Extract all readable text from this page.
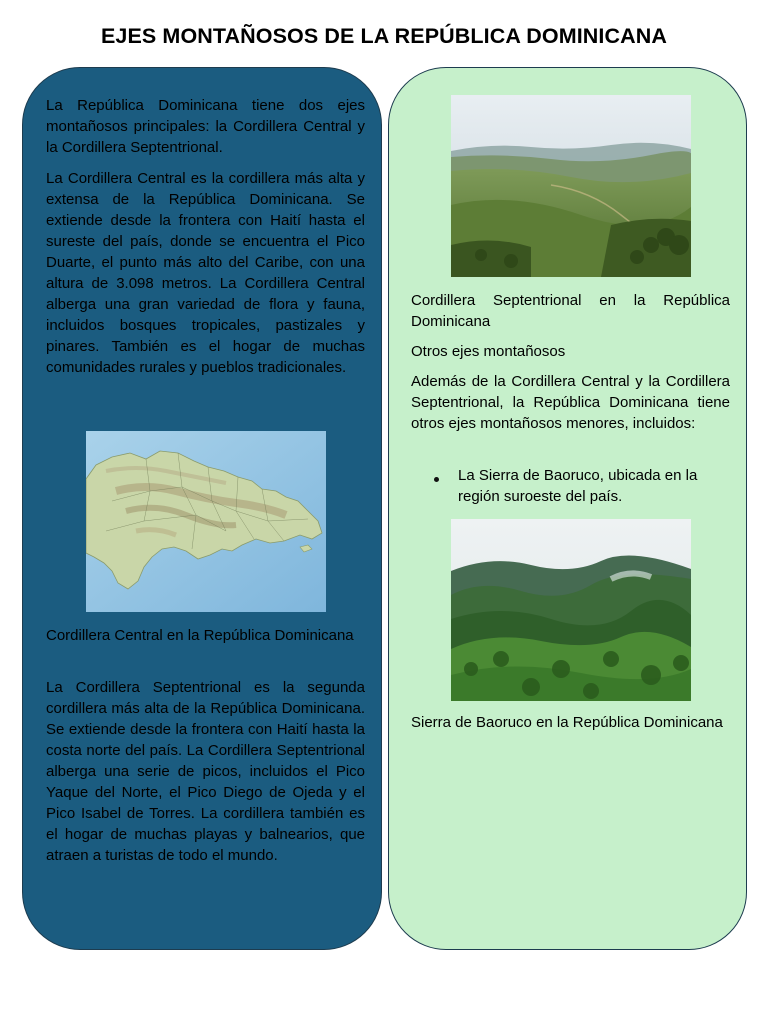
EJES MONTAÑOSOS DE LA REPÚBLICA DOMINICANA

La República Dominicana tiene dos ejes montañosos principales: la Cordillera Central y la Cordillera Septentrional.

La Cordillera Central es la cordillera más alta y extensa de la República Dominicana. Se extiende desde la frontera con Haití hasta el sureste del país, donde se encuentra el Pico Duarte, el punto más alto del Caribe, con una altura de 3.098 metros. La Cordillera Central alberga una gran variedad de flora y fauna, incluidos bosques tropicales, pastizales y pinares. También es el hogar de muchas comunidades rurales y pueblos tradicionales.

Cordillera Central en la República Dominicana

La Cordillera Septentrional es la segunda cordillera más alta de la República Dominicana. Se extiende desde la frontera con Haití hasta la costa norte del país. La Cordillera Septentrional alberga una serie de picos, incluidos el Pico Yaque del Norte, el Pico Diego de Ojeda y el Pico Isabel de Torres. La cordillera también es el hogar de muchas playas y balnearios, que atraen a turistas de todo el mundo.

Cordillera Septentrional en la República Dominicana

Otros ejes montañosos

Además de la Cordillera Central y la Cordillera Septentrional, la República Dominicana tiene otros ejes montañosos menores, incluidos:

La Sierra de Baoruco, ubicada en la región suroeste del país.

Sierra de Baoruco en la República Dominicana
